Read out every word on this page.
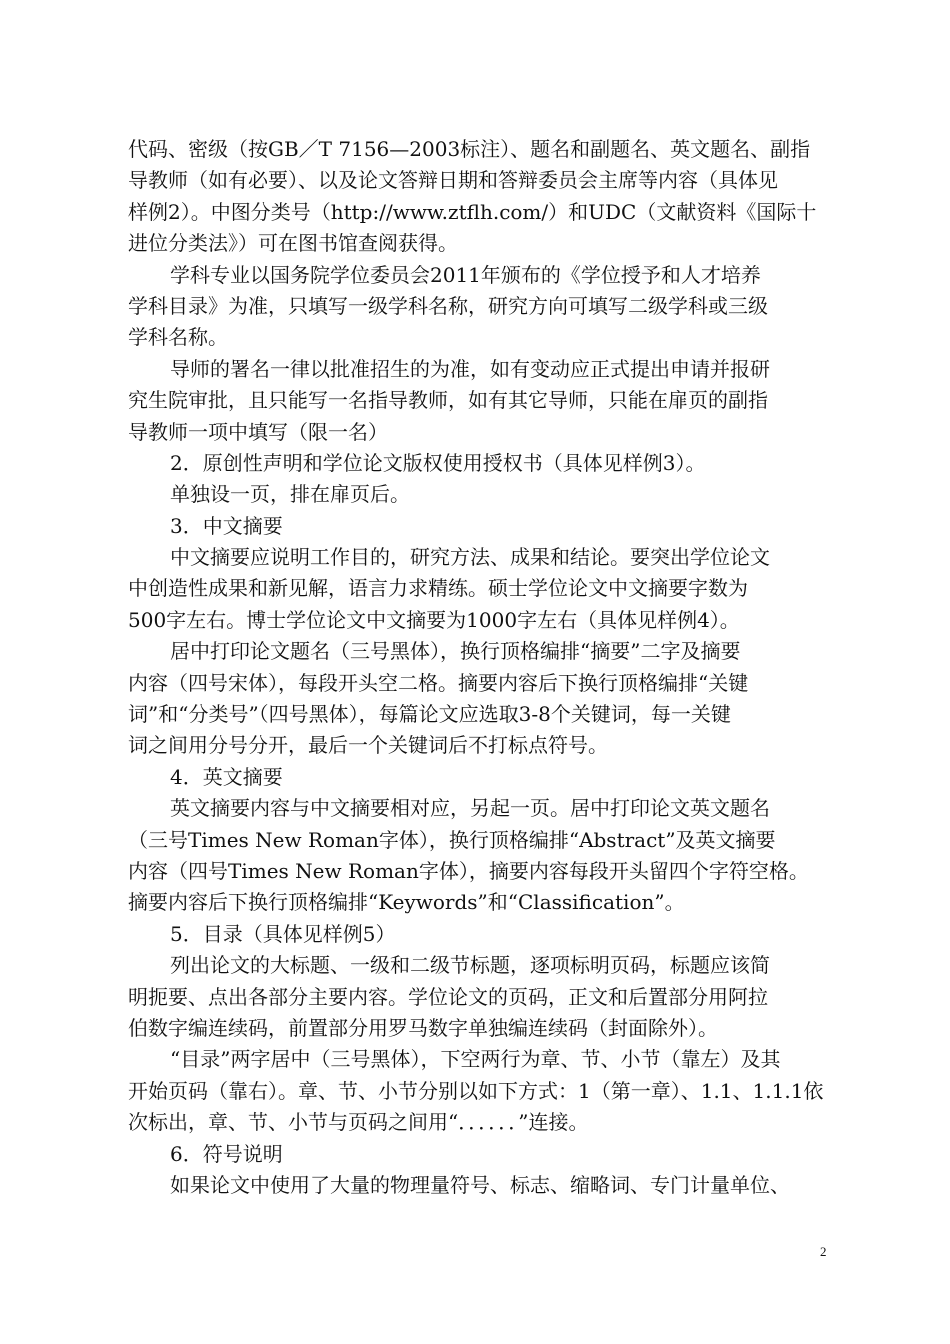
代码、密级（按GB／T 7156—2003标注）、题名和副题名、英文题名、副指
导教师（如有必要）、以及论文答辩日期和答辩委员会主席等内容（具体见
样例2）。中图分类号（http://www.ztflh.com/）和UDC（文献资料《国际十
进位分类法》）可在图书馆查阅获得。
学科专业以国务院学位委员会2011年颁布的《学位授予和人才培养
学科目录》为准，只填写一级学科名称，研究方向可填写二级学科或三级
学科名称。
导师的署名一律以批准招生的为准，如有变动应正式提出申请并报研
究生院审批，且只能写一名指导教师，如有其它导师，只能在扉页的副指
导教师一项中填写（限一名）
2．原创性声明和学位论文版权使用授权书（具体见样例3）。
单独设一页，排在扉页后。
3．中文摘要
中文摘要应说明工作目的，研究方法、成果和结论。要突出学位论文
中创造性成果和新见解，语言力求精练。硕士学位论文中文摘要字数为
500字左右。博士学位论文中文摘要为1000字左右（具体见样例4）。
居中打印论文题名（三号黑体），换行顶格编排“摘要”二字及摘要
内容（四号宋体），每段开头空二格。摘要内容后下换行顶格编排“关键
词”和“分类号”（四号黑体），每篇论文应选取3-8个关键词，每一关键
词之间用分号分开，最后一个关键词后不打标点符号。
4．英文摘要
英文摘要内容与中文摘要相对应，另起一页。居中打印论文英文题名
（三号Times New Roman字体），换行顶格编排“Abstract”及英文摘要
内容（四号Times New Roman字体），摘要内容每段开头留四个字符空格。
摘要内容后下换行顶格编排“Keywords”和“Classification”。
5．目录（具体见样例5）
列出论文的大标题、一级和二级节标题，逐项标明页码，标题应该简
明扼要、点出各部分主要内容。学位论文的页码，正文和后置部分用阿拉
伯数字编连续码，前置部分用罗马数字单独编连续码（封面除外）。
“目录”两字居中（三号黑体），下空两行为章、节、小节（靠左）及其
开始页码（靠右）。章、节、小节分别以如下方式：1（第一章）、1.1、1.1.1依
次标出，章、节、小节与页码之间用“．．．．．．”连接。
6．符号说明
如果论文中使用了大量的物理量符号、标志、缩略词、专门计量单位、
2
